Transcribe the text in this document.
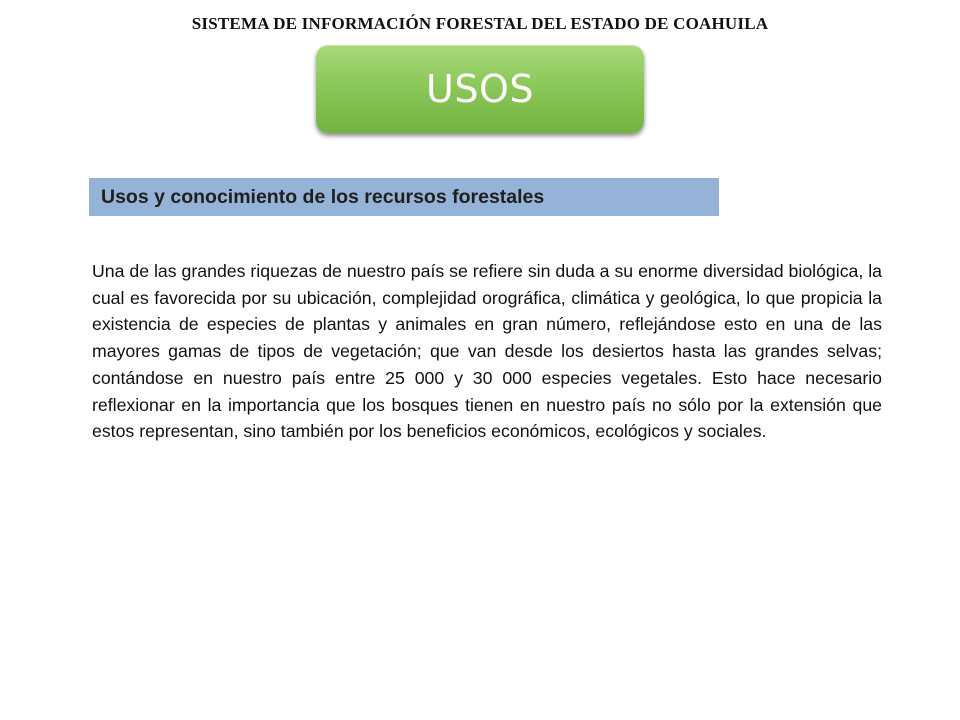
SISTEMA DE INFORMACIÓN FORESTAL DEL ESTADO DE COAHUILA
USOS
Usos y conocimiento de los recursos forestales

Una de las grandes riquezas de nuestro país se refiere sin duda a su enorme diversidad biológica, la cual es favorecida por su ubicación, complejidad orográfica, climática y geológica, lo que propicia la existencia de especies de plantas y animales en gran número, reflejándose esto en una de las mayores gamas de tipos de vegetación; que van desde los desiertos hasta las grandes selvas; contándose en nuestro país entre 25 000 y 30 000 especies vegetales. Esto hace necesario reflexionar en la importancia que los bosques tienen en nuestro país no sólo por la extensión que estos representan, sino también por los beneficios económicos, ecológicos y sociales.
